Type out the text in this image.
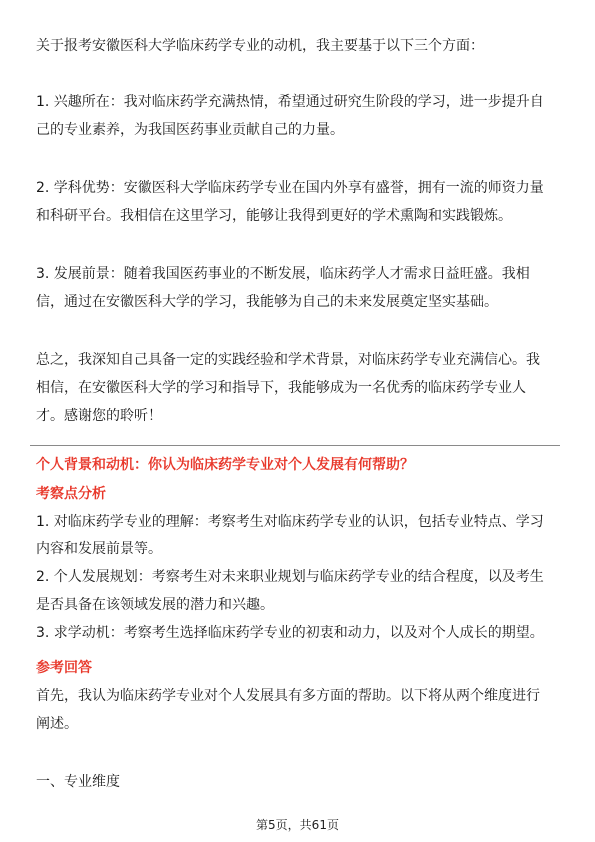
关于报考安徽医科大学临床药学专业的动机，我主要基于以下三个方面：
1. 兴趣所在：我对临床药学充满热情，希望通过研究生阶段的学习，进一步提升自
己的专业素养，为我国医药事业贡献自己的力量。
2. 学科优势：安徽医科大学临床药学专业在国内外享有盛誉，拥有一流的师资力量
和科研平台。我相信在这里学习，能够让我得到更好的学术熏陶和实践锻炼。
3. 发展前景：随着我国医药事业的不断发展，临床药学人才需求日益旺盛。我相
信，通过在安徽医科大学的学习，我能够为自己的未来发展奠定坚实基础。
总之，我深知自己具备一定的实践经验和学术背景，对临床药学专业充满信心。我
相信，在安徽医科大学的学习和指导下，我能够成为一名优秀的临床药学专业人
才。感谢您的聆听！
个人背景和动机：你认为临床药学专业对个人发展有何帮助？
考察点分析
1. 对临床药学专业的理解：考察考生对临床药学专业的认识，包括专业特点、学习
内容和发展前景等。
2. 个人发展规划：考察考生对未来职业规划与临床药学专业的结合程度，以及考生
是否具备在该领域发展的潜力和兴趣。
3. 求学动机：考察考生选择临床药学专业的初衷和动力，以及对个人成长的期望。
参考回答
首先，我认为临床药学专业对个人发展具有多方面的帮助。以下将从两个维度进行
阐述。
一、专业维度
第5页，共61页
